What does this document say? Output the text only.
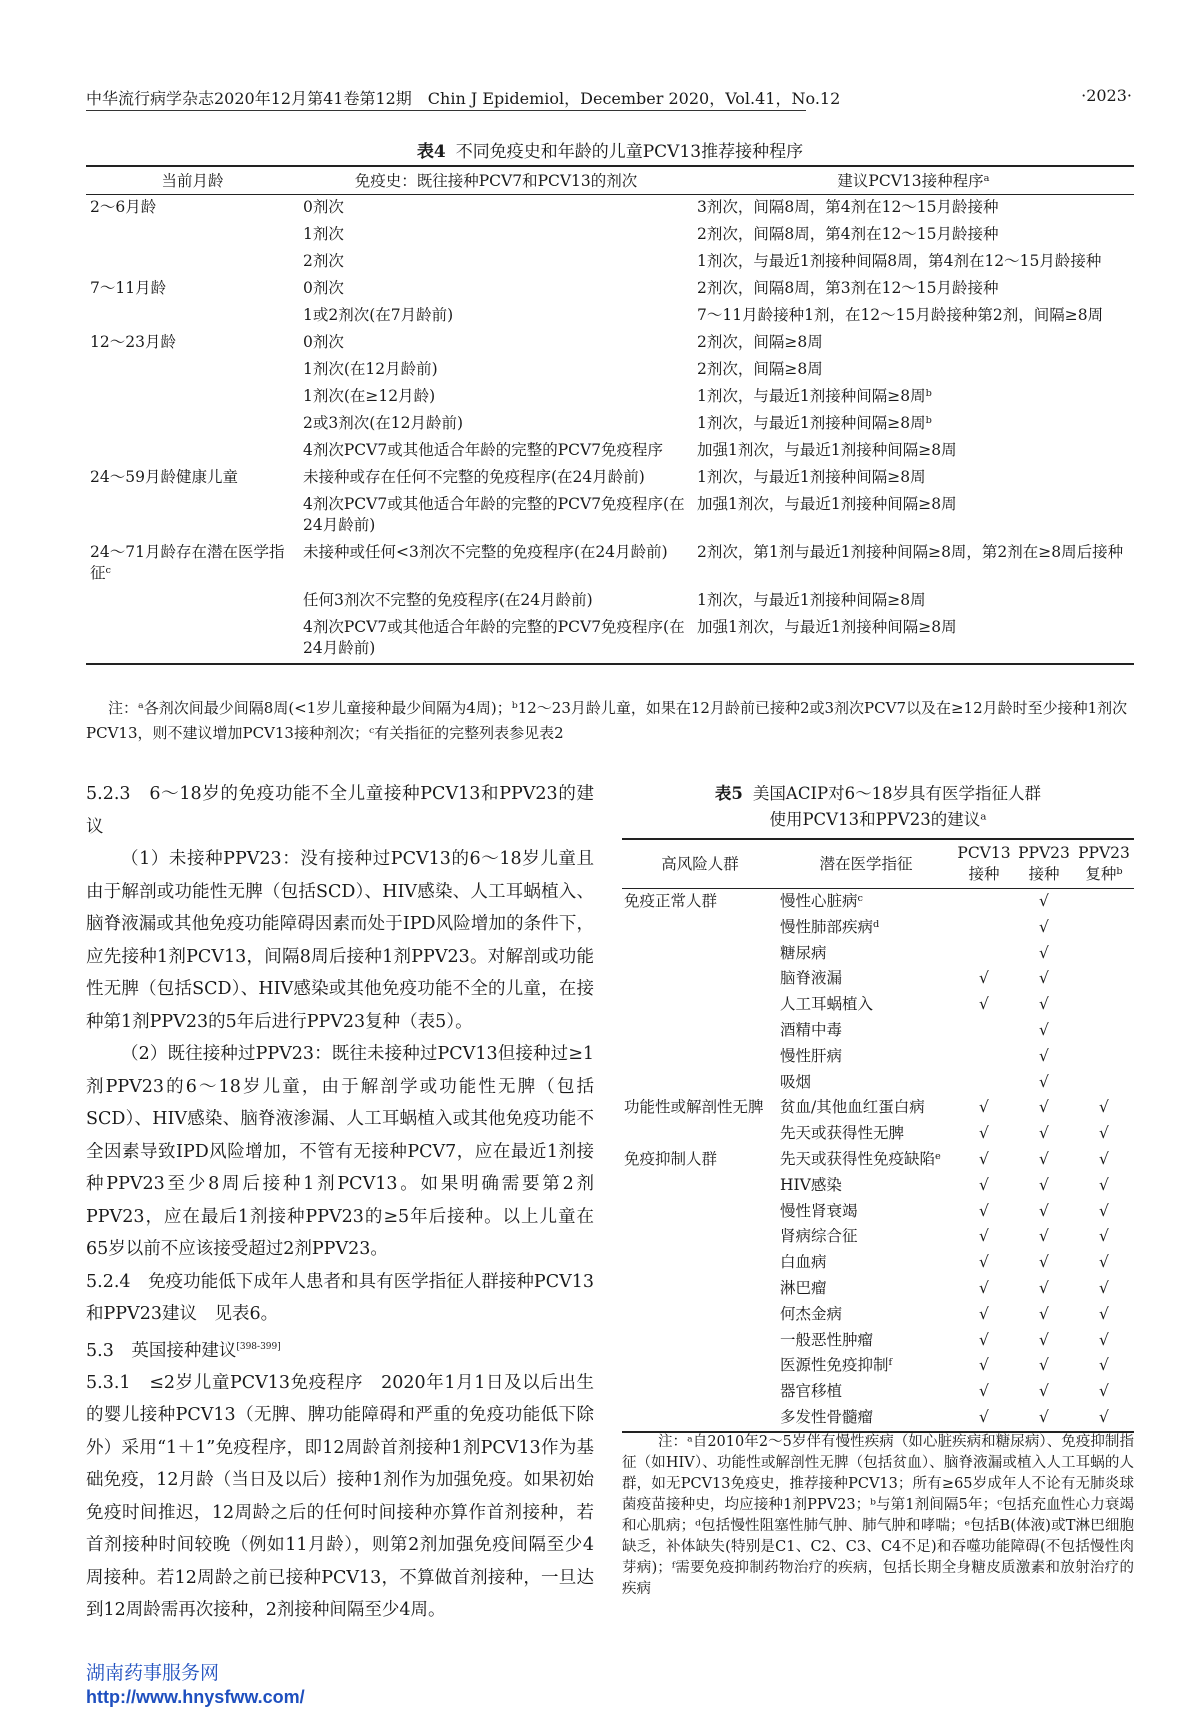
中华流行病学杂志2020年12月第41卷第12期　Chin J Epidemiol，December 2020，Vol.41，No.12	·2023·
表4 不同免疫史和年龄的儿童PCV13推荐接种程序
当前月龄	免疫史：既往接种PCV7和PCV13的剂次	建议PCV13接种程序ᵃ
2～6月龄	0剂次	3剂次，间隔8周，第4剂在12～15月龄接种
	1剂次	2剂次，间隔8周，第4剂在12～15月龄接种
	2剂次	1剂次，与最近1剂接种间隔8周，第4剂在12～15月龄接种
7～11月龄	0剂次	2剂次，间隔8周，第3剂在12～15月龄接种
	1或2剂次(在7月龄前)	7～11月龄接种1剂，在12～15月龄接种第2剂，间隔≥8周
12～23月龄	0剂次	2剂次，间隔≥8周
	1剂次(在12月龄前)	2剂次，间隔≥8周
	1剂次(在≥12月龄)	1剂次，与最近1剂接种间隔≥8周ᵇ
	2或3剂次(在12月龄前)	1剂次，与最近1剂接种间隔≥8周ᵇ
	4剂次PCV7或其他适合年龄的完整的PCV7免疫程序	加强1剂次，与最近1剂接种间隔≥8周
24～59月龄健康儿童	未接种或存在任何不完整的免疫程序(在24月龄前)	1剂次，与最近1剂接种间隔≥8周
	4剂次PCV7或其他适合年龄的完整的PCV7免疫程序(在24月龄前)	加强1剂次，与最近1剂接种间隔≥8周
24～71月龄存在潜在医学指征ᶜ	未接种或任何<3剂次不完整的免疫程序(在24月龄前)	2剂次，第1剂与最近1剂接种间隔≥8周，第2剂在≥8周后接种
	任何3剂次不完整的免疫程序(在24月龄前)	1剂次，与最近1剂接种间隔≥8周
	4剂次PCV7或其他适合年龄的完整的PCV7免疫程序(在24月龄前)	加强1剂次，与最近1剂接种间隔≥8周
注：ᵃ各剂次间最少间隔8周(<1岁儿童接种最少间隔为4周)；ᵇ12～23月龄儿童，如果在12月龄前已接种2或3剂次PCV7以及在≥12月龄时至少接种1剂次PCV13，则不建议增加PCV13接种剂次；ᶜ有关指征的完整列表参见表2

5.2.3　6～18岁的免疫功能不全儿童接种PCV13和PPV23的建议

（1）未接种PPV23：没有接种过PCV13的6～18岁儿童且由于解剖或功能性无脾（包括SCD）、HIV感染、人工耳蜗植入、脑脊液漏或其他免疫功能障碍因素而处于IPD风险增加的条件下，应先接种1剂PCV13，间隔8周后接种1剂PPV23。对解剖或功能性无脾（包括SCD）、HIV感染或其他免疫功能不全的儿童，在接种第1剂PPV23的5年后进行PPV23复种（表5）。

（2）既往接种过PPV23：既往未接种过PCV13但接种过≥1剂PPV23的6～18岁儿童，由于解剖学或功能性无脾（包括SCD）、HIV感染、脑脊液渗漏、人工耳蜗植入或其他免疫功能不全因素导致IPD风险增加，不管有无接种PCV7，应在最近1剂接种PPV23至少8周后接种1剂PCV13。如果明确需要第2剂PPV23，应在最后1剂接种PPV23的≥5年后接种。以上儿童在65岁以前不应该接受超过2剂PPV23。

5.2.4　免疫功能低下成年人患者和具有医学指征人群接种PCV13和PPV23建议　见表6。

5.3　英国接种建议[398-399]

5.3.1　≤2岁儿童PCV13免疫程序　2020年1月1日及以后出生的婴儿接种PCV13（无脾、脾功能障碍和严重的免疫功能低下除外）采用“1＋1”免疫程序，即12周龄首剂接种1剂PCV13作为基础免疫，12月龄（当日及以后）接种1剂作为加强免疫。如果初始免疫时间推迟，12周龄之后的任何时间接种亦算作首剂接种，若首剂接种时间较晚（例如11月龄），则第2剂加强免疫间隔至少4周接种。若12周龄之前已接种PCV13，不算做首剂接种，一旦达到12周龄需再次接种，2剂接种间隔至少4周。

表5 美国ACIP对6～18岁具有医学指征人群
使用PCV13和PPV23的建议ᵃ
高风险人群	潜在医学指征	PCV13接种	PPV23接种	PPV23复种ᵇ
免疫正常人群	慢性心脏病ᶜ		√	
	慢性肺部疾病ᵈ		√	
	糖尿病		√	
	脑脊液漏	√	√	
	人工耳蜗植入	√	√	
	酒精中毒		√	
	慢性肝病		√	
	吸烟		√	
功能性或解剖性无脾	贫血/其他血红蛋白病	√	√	√
	先天或获得性无脾	√	√	√
免疫抑制人群	先天或获得性免疫缺陷ᵉ	√	√	√
	HIV感染	√	√	√
	慢性肾衰竭	√	√	√
	肾病综合征	√	√	√
	白血病	√	√	√
	淋巴瘤	√	√	√
	何杰金病	√	√	√
	一般恶性肿瘤	√	√	√
	医源性免疫抑制ᶠ	√	√	√
	器官移植	√	√	√
	多发性骨髓瘤	√	√	√
注：ᵃ自2010年2～5岁伴有慢性疾病（如心脏疾病和糖尿病）、免疫抑制指征（如HIV）、功能性或解剖性无脾（包括贫血）、脑脊液漏或植入人工耳蜗的人群，如无PCV13免疫史，推荐接种PCV13；所有≥65岁成年人不论有无肺炎球菌疫苗接种史，均应接种1剂PPV23；ᵇ与第1剂间隔5年；ᶜ包括充血性心力衰竭和心肌病；ᵈ包括慢性阻塞性肺气肿、肺气肿和哮喘；ᵉ包括B(体液)或T淋巴细胞缺乏，补体缺失(特别是C1、C2、C3、C4不足)和吞噬功能障碍(不包括慢性肉芽病)；ᶠ需要免疫抑制药物治疗的疾病，包括长期全身糖皮质激素和放射治疗的疾病
湖南药事服务网
http://www.hnysfww.com/
